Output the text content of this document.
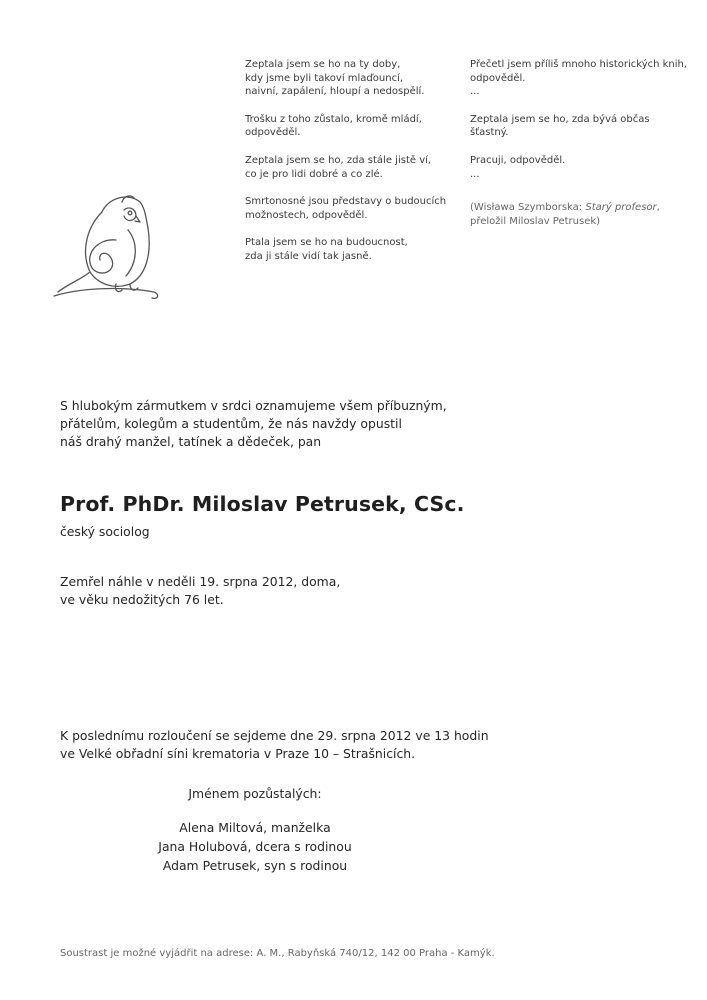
Zeptala jsem se ho na ty doby,
kdy jsme byli takoví mlaďouncí,
naivní, zapálení, hloupí a nedospělí.
Trošku z toho zůstalo, kromě mládí,
odpověděl.
Zeptala jsem se ho, zda stále jistě ví,
co je pro lidi dobré a co zlé.
Smrtonosné jsou představy o budoucích
možnostech, odpověděl.
Ptala jsem se ho na budoucnost,
zda ji stále vidí tak jasně.
Přečetl jsem příliš mnoho historických knih,
odpověděl.
...
Zeptala jsem se ho, zda bývá občas
šťastný.
Pracuji, odpověděl.
...
(Wisława Szymborska: Starý profesor,
přeložil Miloslav Petrusek)
S hlubokým zármutkem v srdci oznamujeme všem příbuzným,
přátelům, kolegům a studentům, že nás navždy opustil
náš drahý manžel, tatínek a dědeček, pan
Prof. PhDr. Miloslav Petrusek, CSc.
český sociolog
Zemřel náhle v neděli 19. srpna 2012, doma,
ve věku nedožitých 76 let.
K poslednímu rozloučení se sejdeme dne 29. srpna 2012 ve 13 hodin
ve Velké obřadní síni krematoria v Praze 10 – Strašnicích.
Jménem pozůstalých:
Alena Miltová, manželka
Jana Holubová, dcera s rodinou
Adam Petrusek, syn s rodinou
Soustrast je možné vyjádřit na adrese: A. M., Rabyňská 740/12, 142 00 Praha - Kamýk.
